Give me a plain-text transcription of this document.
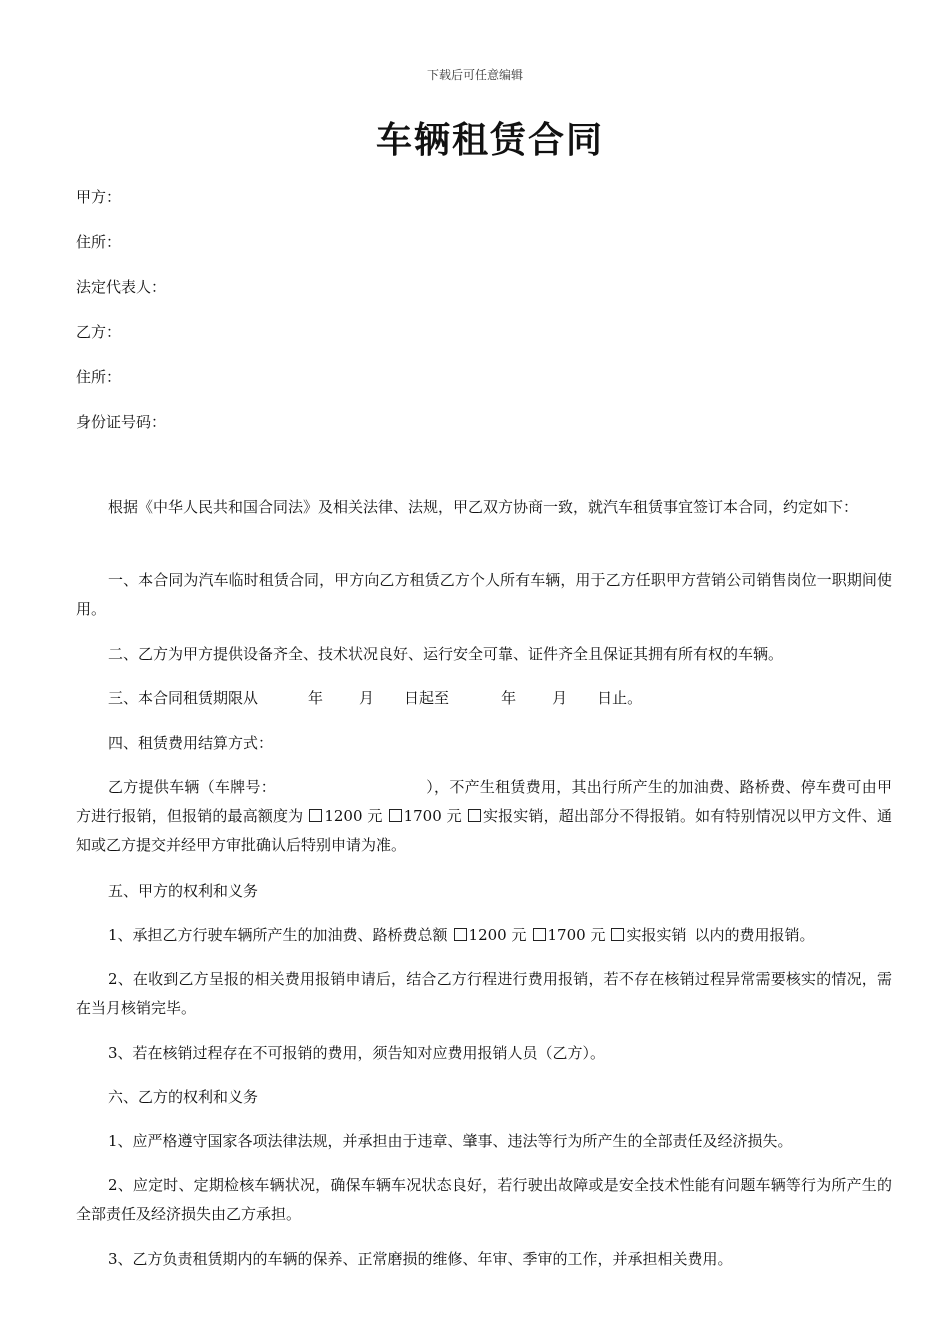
下载后可任意编辑
车辆租赁合同
甲方：
住所：
法定代表人：
乙方：
住所：
身份证号码：
根据《中华人民共和国合同法》及相关法律、法规，甲乙双方协商一致，就汽车租赁事宜签订本合同，约定如下：
一、本合同为汽车临时租赁合同，甲方向乙方租赁乙方个人所有车辆，用于乙方任职甲方营销公司销售岗位一职期间使用。
二、乙方为甲方提供设备齐全、技术状况良好、运行安全可靠、证件齐全且保证其拥有所有权的车辆。
三、本合同租赁期限从	年 月 日起至	年 月 日止。
四、租赁费用结算方式：
乙方提供车辆（车牌号：	），不产生租赁费用，其出行所产生的加油费、路桥费、停车费可由甲方进行报销，但报销的最高额度为 1200 元 1700 元 实报实销，超出部分不得报销。如有特别情况以甲方文件、通知或乙方提交并经甲方审批确认后特别申请为准。
五、甲方的权利和义务
1、承担乙方行驶车辆所产生的加油费、路桥费总额 1200 元 1700 元 实报实销 以内的费用报销。
2、在收到乙方呈报的相关费用报销申请后，结合乙方行程进行费用报销，若不存在核销过程异常需要核实的情况，需在当月核销完毕。
3、若在核销过程存在不可报销的费用，须告知对应费用报销人员（乙方）。
六、乙方的权利和义务
1、应严格遵守国家各项法律法规，并承担由于违章、肇事、违法等行为所产生的全部责任及经济损失。
2、应定时、定期检核车辆状况，确保车辆车况状态良好，若行驶出故障或是安全技术性能有问题车辆等行为所产生的全部责任及经济损失由乙方承担。
3、乙方负责租赁期内的车辆的保养、正常磨损的维修、年审、季审的工作，并承担相关费用。
